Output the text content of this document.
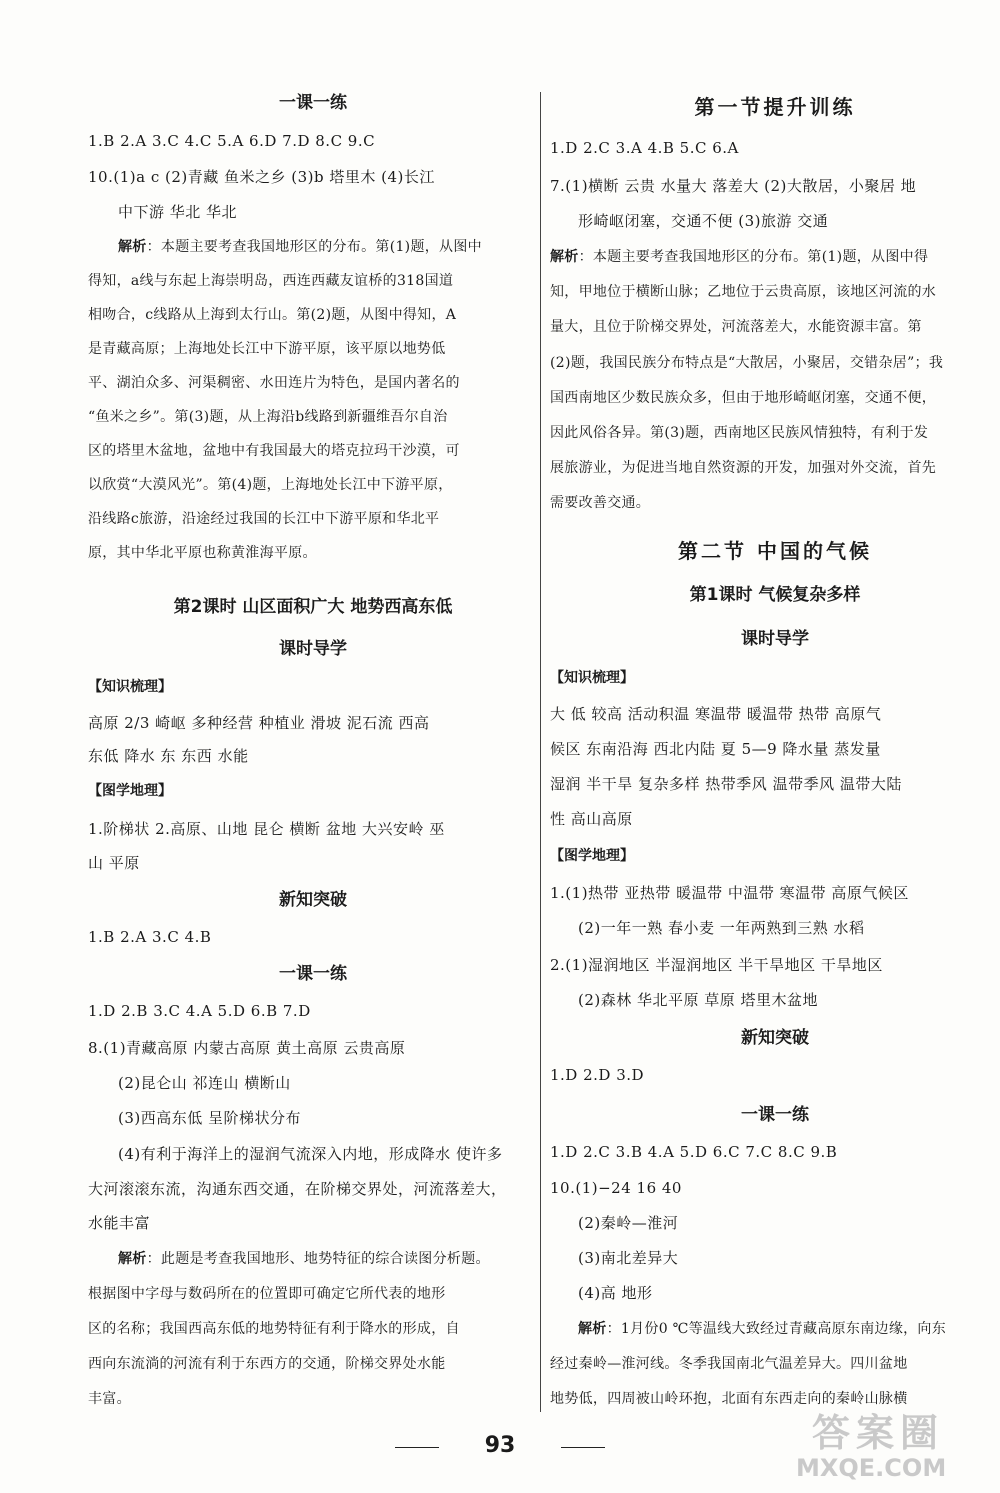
一课一练
1.B 2.A 3.C 4.C 5.A 6.D 7.D 8.C 9.C
10.(1)a c (2)青藏 鱼米之乡 (3)b 塔里木 (4)长江
中下游 华北 华北
解析：本题主要考查我国地形区的分布。第(1)题，从图中
得知，a线与东起上海崇明岛，西连西藏友谊桥的318国道
相吻合，c线路从上海到太行山。第(2)题，从图中得知，A
是青藏高原；上海地处长江中下游平原，该平原以地势低
平、湖泊众多、河渠稠密、水田连片为特色，是国内著名的
“鱼米之乡”。第(3)题，从上海沿b线路到新疆维吾尔自治
区的塔里木盆地，盆地中有我国最大的塔克拉玛干沙漠，可
以欣赏“大漠风光”。第(4)题，上海地处长江中下游平原，
沿线路c旅游，沿途经过我国的长江中下游平原和华北平
原，其中华北平原也称黄淮海平原。
第2课时 山区面积广大 地势西高东低
课时导学
【 知识梳理 】
高原 2/3 崎岖 多种经营 种植业 滑坡 泥石流 西高
东低 降水 东 东西 水能
【 图学地理 】
1.阶梯状 2.高原、山地 昆仑 横断 盆地 大兴安岭 巫
山 平原
新知突破
1.B 2.A 3.C 4.B
一课一练
1.D 2.B 3.C 4.A 5.D 6.B 7.D
8.(1)青藏高原 内蒙古高原 黄土高原 云贵高原
(2)昆仑山 祁连山 横断山
(3)西高东低 呈阶梯状分布
(4)有利于海洋上的湿润气流深入内地，形成降水 使许多
大河滚滚东流，沟通东西交通，在阶梯交界处，河流落差大，
水能丰富
解析：此题是考查我国地形、地势特征的综合读图分析题。
根据图中字母与数码所在的位置即可确定它所代表的地形
区的名称；我国西高东低的地势特征有利于降水的形成，自
西向东流淌的河流有利于东西方的交通，阶梯交界处水能
丰富。
第一节提升训练
1.D 2.C 3.A 4.B 5.C 6.A
7.(1)横断 云贵 水量大 落差大 (2)大散居，小聚居 地
形崎岖闭塞，交通不便 (3)旅游 交通
解析：本题主要考查我国地形区的分布。第(1)题，从图中得
知，甲地位于横断山脉；乙地位于云贵高原，该地区河流的水
量大，且位于阶梯交界处，河流落差大，水能资源丰富。第
(2)题，我国民族分布特点是“大散居，小聚居，交错杂居”；我
国西南地区少数民族众多，但由于地形崎岖闭塞，交通不便，
因此风俗各异。第(3)题，西南地区民族风情独特，有利于发
展旅游业，为促进当地自然资源的开发，加强对外交流，首先
需要改善交通。
第二节 中国的气候
第1课时 气候复杂多样
课时导学
【 知识梳理 】
大 低 较高 活动积温 寒温带 暖温带 热带 高原气
候区 东南沿海 西北内陆 夏 5—9 降水量 蒸发量
湿润 半干旱 复杂多样 热带季风 温带季风 温带大陆
性 高山高原
【 图学地理 】
1.(1)热带 亚热带 暖温带 中温带 寒温带 高原气候区
(2)一年一熟 春小麦 一年两熟到三熟 水稻
2.(1)湿润地区 半湿润地区 半干旱地区 干旱地区
(2)森林 华北平原 草原 塔里木盆地
新知突破
1.D 2.D 3.D
一课一练
1.D 2.C 3.B 4.A 5.D 6.C 7.C 8.C 9.B
10.(1)−24 16 40
(2)秦岭—淮河
(3)南北差异大
(4)高 地形
解析：1月份0 ℃等温线大致经过青藏高原东南边缘，向东
经过秦岭—淮河线。冬季我国南北气温差异大。四川盆地
地势低，四周被山岭环抱，北面有东西走向的秦岭山脉横
93	答案圈
MXQE.COM
